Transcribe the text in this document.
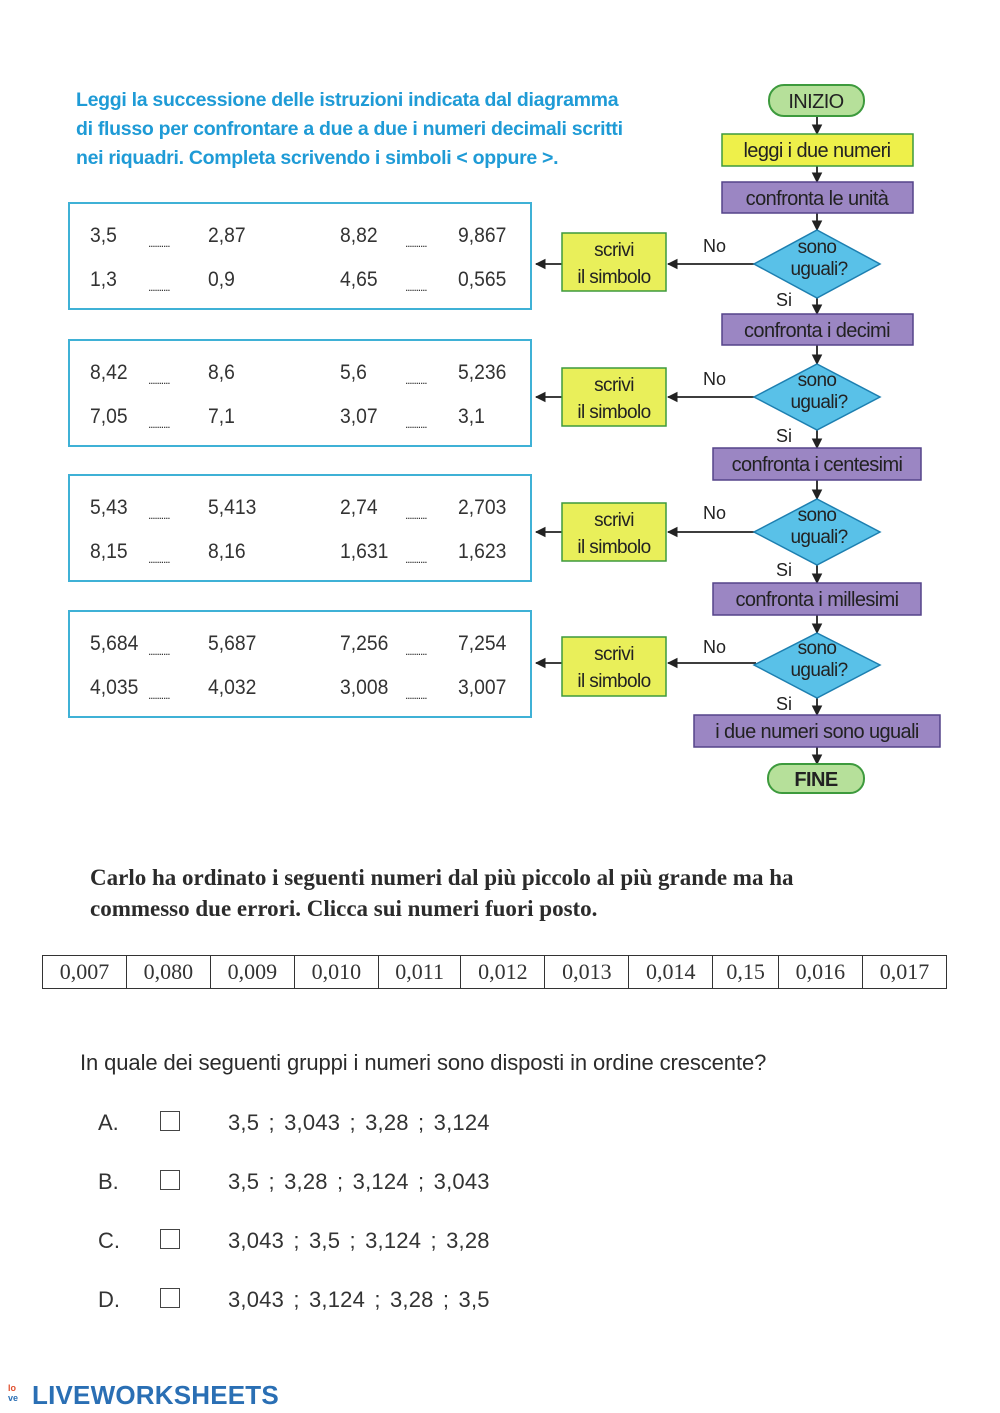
Leggi la successione delle istruzioni indicata dal diagramma
di flusso per confrontare a due a due i numeri decimali scritti
nei riquadri. Completa scrivendo i simboli < oppure >.
3,5	.......... 2,87	8,82 .......... 9,867
1,3	.......... 0,9	4,65 .......... 0,565
8,42 .......... 8,6	5,6	.......... 5,236
7,05 .......... 7,1	3,07 .......... 3,1
5,43 .......... 5,413	2,74 .......... 2,703
8,15 .......... 8,16	1,631 .......... 1,623
5,684 .......... 5,687	7,256 .......... 7,254
4,035 .......... 4,032	3,008 .......... 3,007
INIZIO
leggi i due numeri
confronta le unità
confronta i decimi
confronta i centesimi
confronta i millesimi
i due numeri sono uguali
FINE
sono
uguali?
sono
uguali?
sono
uguali?
sono
uguali?
scrivi
il simbolo
scrivi
il simbolo
scrivi
il simbolo
scrivi
il simbolo
No
No
No
No
Si
Si
Si
Si
Carlo ha ordinato i seguenti numeri dal più piccolo al più grande ma ha
commesso due errori. Clicca sui numeri fuori posto.
0,007	0,080	0,009	0,010	0,011	0,012	0,013	0,014	0,15	0,016	0,017
In quale dei seguenti gruppi i numeri sono disposti in ordine crescente?
A.	3,5 ; 3,043 ; 3,28 ; 3,124
B.	3,5 ; 3,28 ; 3,124 ; 3,043
C.	3,043 ; 3,5 ; 3,124 ; 3,28
D.	3,043 ; 3,124 ; 3,28 ; 3,5
lo
ve LIVEWORKSHEETS
